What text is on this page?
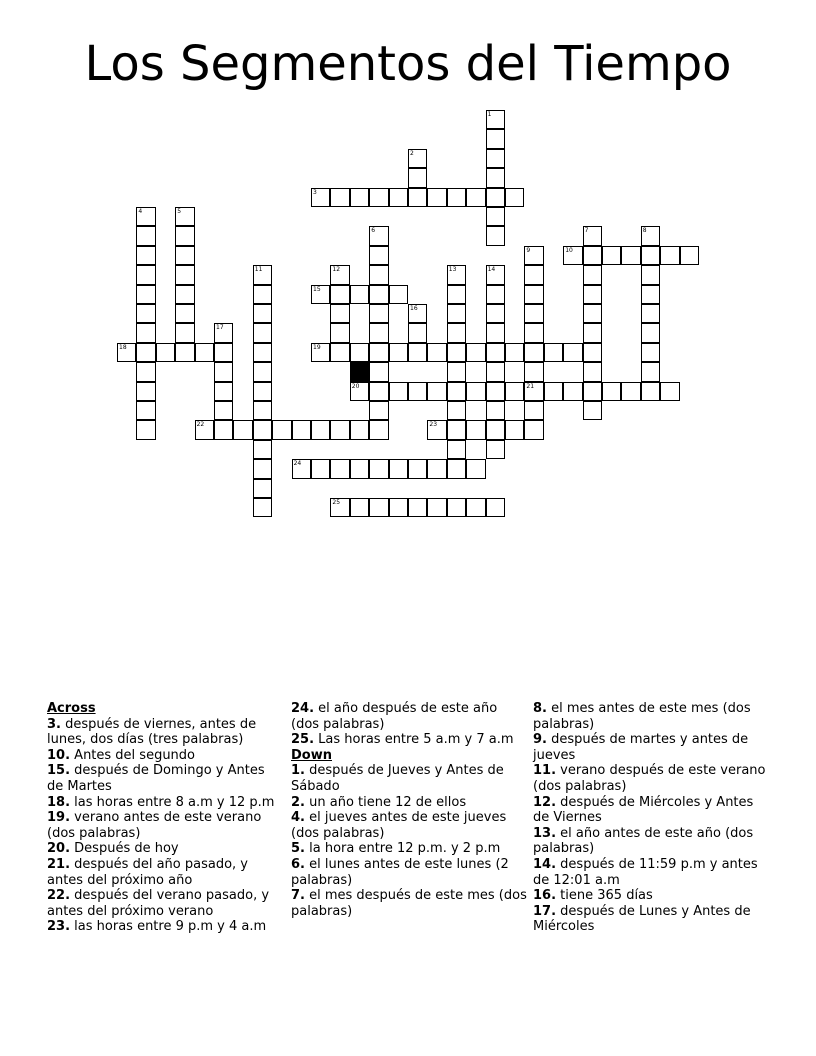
Los Segmentos del Tiempo
1
2
3
4	5
6	7	8
9	10
11	12	13	14
15
16
17
18	19
20	21
22	23
24
25

Across

3. después de viernes, antes de lunes, dos días (tres palabras)

10. Antes del segundo

15. después de Domingo y Antes de Martes

18. las horas entre 8 a.m y 12 p.m

19. verano antes de este verano (dos palabras)

20. Después de hoy

21. después del año pasado, y antes del próximo año

22. después del verano pasado, y antes del próximo verano

23. las horas entre 9 p.m y 4 a.m

24. el año después de este año (dos palabras)

25. Las horas entre 5 a.m y 7 a.m

Down

1. después de Jueves y Antes de Sábado

2. un año tiene 12 de ellos

4. el jueves antes de este jueves (dos palabras)

5. la hora entre 12 p.m. y 2 p.m

6. el lunes antes de este lunes (2 palabras)

7. el mes después de este mes (dos palabras)

8. el mes antes de este mes (dos palabras)

9. después de martes y antes de jueves

11. verano después de este verano (dos palabras)

12. después de Miércoles y Antes de Viernes

13. el año antes de este año (dos palabras)

14. después de 11:59 p.m y antes de 12:01 a.m

16. tiene 365 días

17. después de Lunes y Antes de Miércoles
